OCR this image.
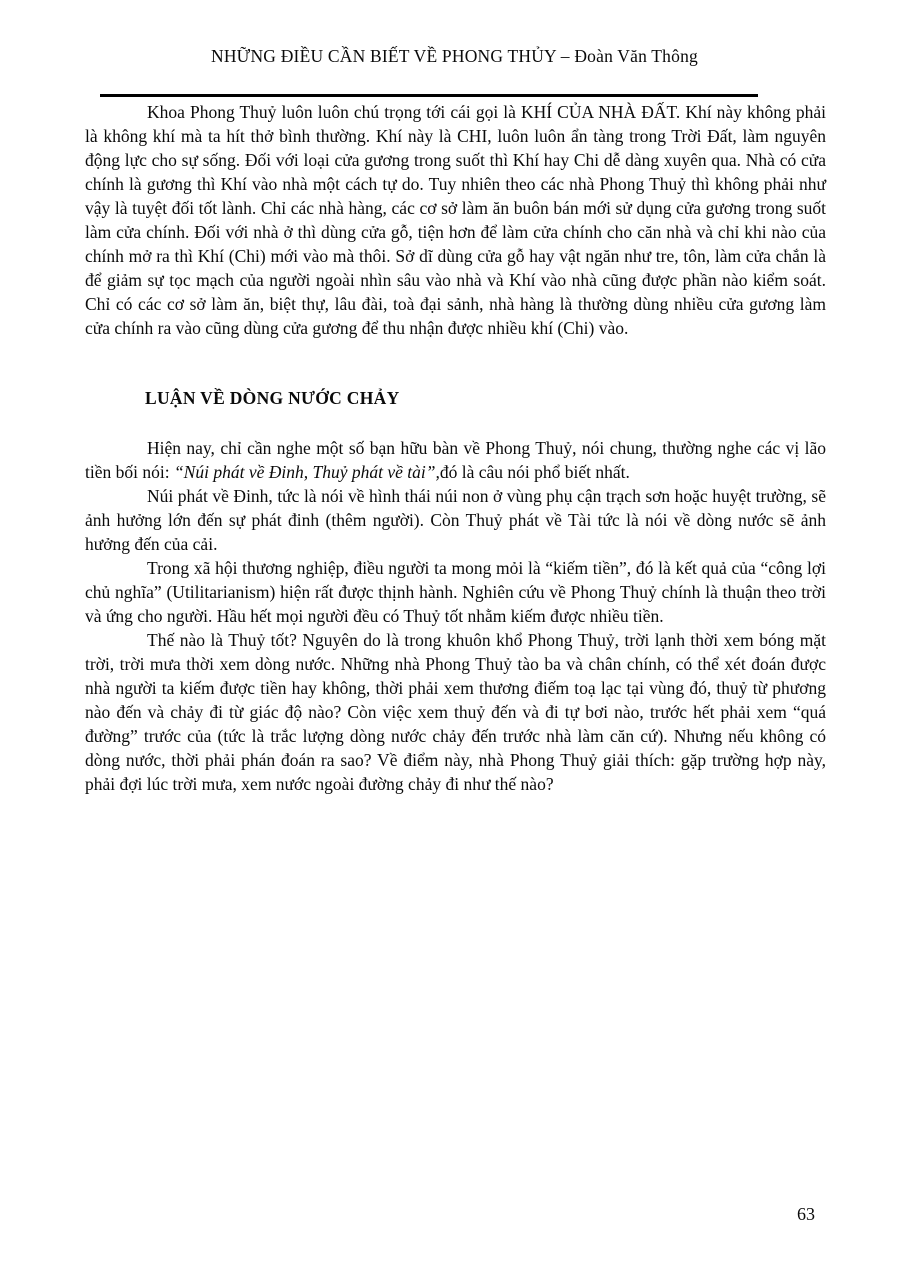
NHỮNG ĐIỀU CẦN BIẾT VỀ PHONG THỦY – Đoàn Văn Thông

Khoa Phong Thuỷ luôn luôn chú trọng tới cái gọi là KHÍ CỦA NHÀ ĐẤT. Khí này không phải là không khí mà ta hít thở bình thường. Khí này là CHI, luôn luôn ẩn tàng trong Trời Đất, làm nguyên động lực cho sự sống. Đối với loại cửa gương trong suốt thì Khí hay Chi dễ dàng xuyên qua. Nhà có cửa chính là gương thì Khí vào nhà một cách tự do. Tuy nhiên theo các nhà Phong Thuỷ thì không phải như vậy là tuyệt đối tốt lành. Chỉ các nhà hàng, các cơ sở làm ăn buôn bán mới sử dụng cửa gương trong suốt làm cửa chính. Đối với nhà ở thì dùng cửa gỗ, tiện hơn để làm cửa chính cho căn nhà và chỉ khi nào của chính mở ra thì Khí (Chi) mới vào mà thôi. Sở dĩ dùng cửa gỗ hay vật ngăn như tre, tôn, làm cửa chắn là để giảm sự tọc mạch của người ngoài nhìn sâu vào nhà và Khí vào nhà cũng được phần nào kiểm soát. Chỉ có các cơ sở làm ăn, biệt thự, lâu đài, toà đại sảnh, nhà hàng là thường dùng nhiều cửa gương làm cửa chính ra vào cũng dùng cửa gương để thu nhận được nhiều khí (Chi) vào.

LUẬN VỀ DÒNG NƯỚC CHẢY

Hiện nay, chỉ cần nghe một số bạn hữu bàn về Phong Thuỷ, nói chung, thường nghe các vị lão tiền bối nói: “Núi phát về Đinh, Thuỷ phát về tài”,đó là câu nói phổ biết nhất.

Núi phát về Đinh, tức là nói về hình thái núi non ở vùng phụ cận trạch sơn hoặc huyệt trường, sẽ ảnh hưởng lớn đến sự phát đinh (thêm người). Còn Thuỷ phát về Tài tức là nói về dòng nước sẽ ảnh hưởng đến của cải.

Trong xã hội thương nghiệp, điều người ta mong mỏi là “kiếm tiền”, đó là kết quả của “công lợi chủ nghĩa” (Utilitarianism) hiện rất được thịnh hành. Nghiên cứu về Phong Thuỷ chính là thuận theo trời và ứng cho người. Hầu hết mọi người đều có Thuỷ tốt nhằm kiếm được nhiều tiền.

Thế nào là Thuỷ tốt? Nguyên do là trong khuôn khổ Phong Thuỷ, trời lạnh thời xem bóng mặt trời, trời mưa thời xem dòng nước. Những nhà Phong Thuỷ tào ba và chân chính, có thể xét đoán được nhà người ta kiếm được tiền hay không, thời phải xem thương điếm toạ lạc tại vùng đó, thuỷ từ phương nào đến và chảy đi từ giác độ nào? Còn việc xem thuỷ đến và đi tự bơi nào, trước hết phải xem “quá đường” trước của (tức là trắc lượng dòng nước chảy đến trước nhà làm căn cứ). Nhưng nếu không có dòng nước, thời phải phán đoán ra sao? Về điểm này, nhà Phong Thuỷ giải thích: gặp trường hợp này, phải đợi lúc trời mưa, xem nước ngoài đường chảy đi như thế nào?

63
